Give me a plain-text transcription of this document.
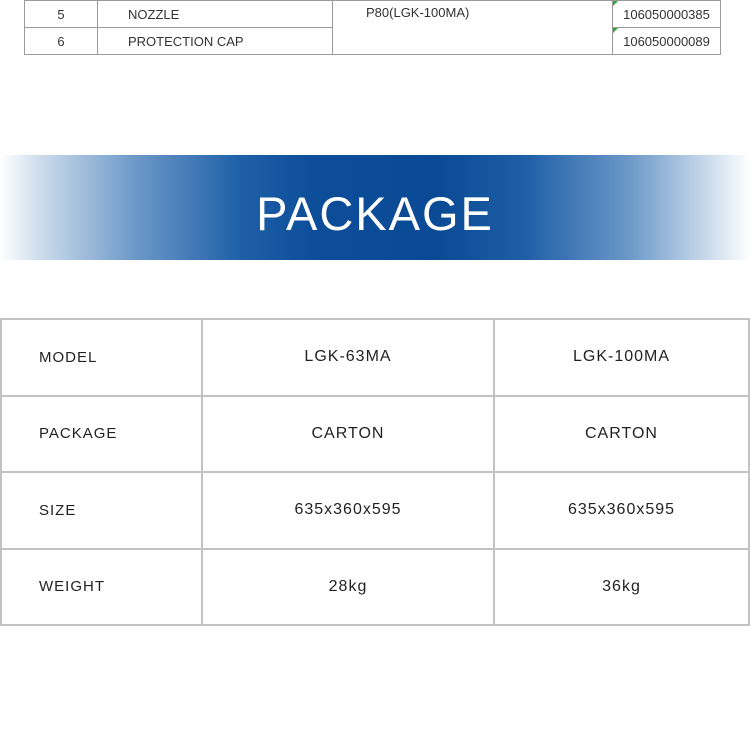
5	NOZZLE	P80(LGK-100MA)	106050000385
6	PROTECTION CAP		106050000089
PACKAGE
MODEL	LGK-63MA	LGK-100MA
PACKAGE	CARTON	CARTON
SIZE	635x360x595	635x360x595
WEIGHT	28kg	36kg
